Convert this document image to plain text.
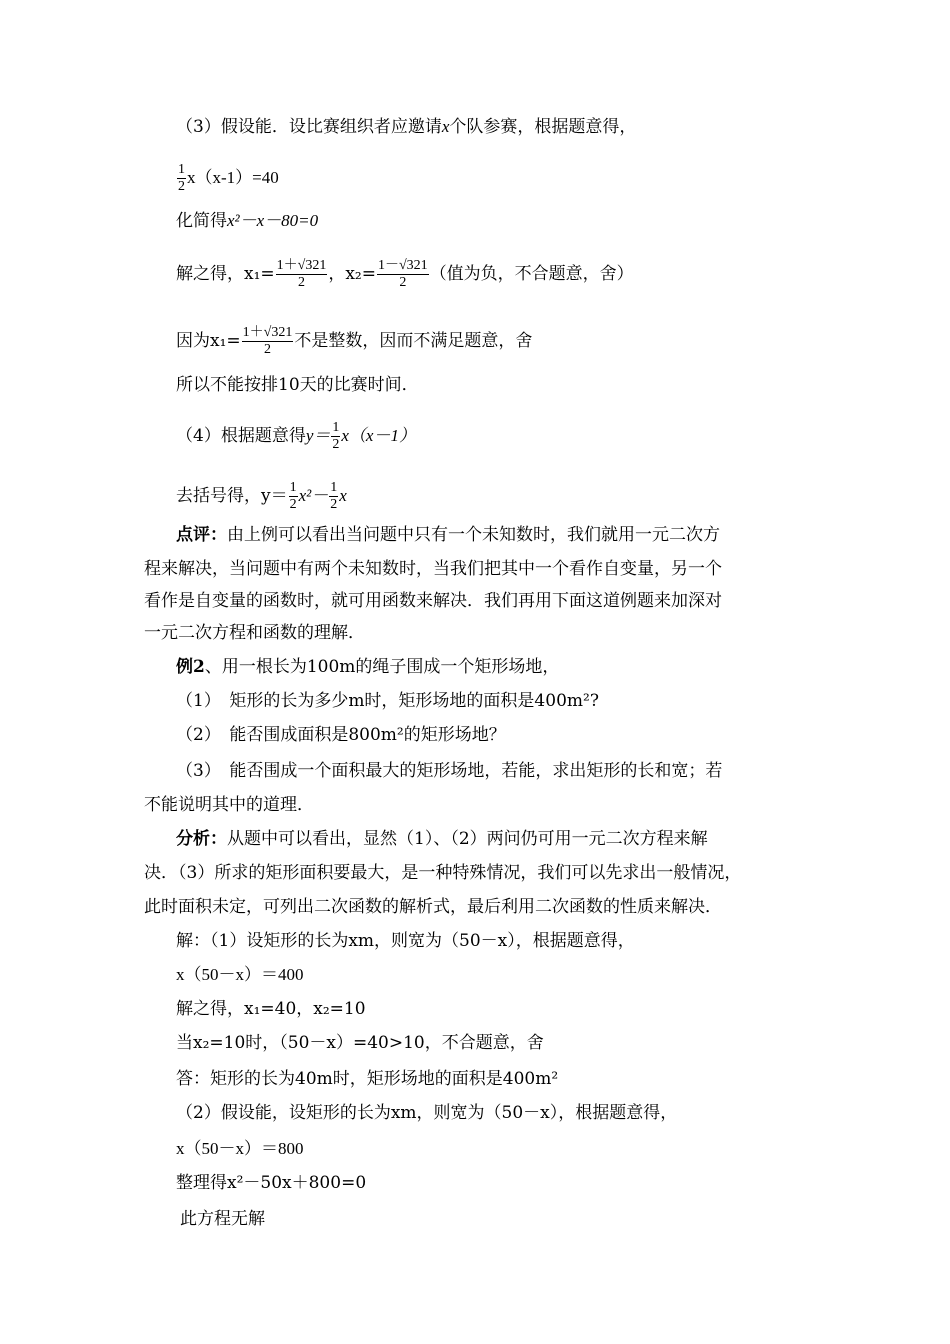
（3）假设能．设比赛组织者应邀请x个队参赛，根据题意得，
$\frac{1}{2} x(x-1)=40$
化简得x²－x－80=0
解之得，$x_1= \frac{1+√321}{2}$ ，$x_2= \frac{1-√321}{2}$ （值为负，不合题意，舍）
因为$x_1= \frac{1+√321}{2}$ 不是整数，因而不满足题意，舍
所以不能按排10天的比赛时间．
（4）根据题意得$y= \frac{1}{2} x(x-1)$
去括号得，$y= \frac{1}{2} x^2- \frac{1}{2}$ x
点评：由上例可以看出当问题中只有一个未知数时，我们就用一元二次方
程来解决，当问题中有两个未知数时，当我们把其中一个看作自变量，另一个
看作是自变量的函数时，就可用函数来解决．我们再用下面这道例题来加深对
一元二次方程和函数的理解．
例2、用一根长为100m的绳子围成一个矩形场地，
（1）　矩形的长为多少m时，矩形场地的面积是400m²?
（2）　能否围成面积是800m²的矩形场地？
（3）　能否围成一个面积最大的矩形场地，若能，求出矩形的长和宽；若
不能说明其中的道理．
分析：从题中可以看出，显然（1）、（2）两问仍可用一元二次方程来解
决．（3）所求的矩形面积要最大，是一种特殊情况，我们可以先求出一般情况，
此时面积未定，可列出二次函数的解析式，最后利用二次函数的性质来解决．
解：（1）设矩形的长为xm，则宽为（50－x），根据题意得，
x（50－x）＝400
解之得，x₁=40，x₂=10
当x₂=10时，（50－x）=40>10，不合题意，舍
答：矩形的长为40m时，矩形场地的面积是400m²
（2）假设能，设矩形的长为xm，则宽为（50－x），根据题意得，
x（50－x）＝800
整理得x²－50x＋800=0
此方程无解
